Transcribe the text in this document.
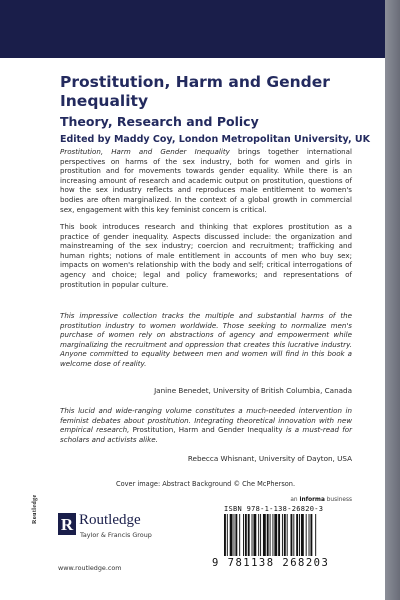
Prostitution, Harm and Gender Inequality
Theory, Research and Policy
Edited by Maddy Coy, London Metropolitan University, UK

Prostitution, Harm and Gender Inequality brings together international perspectives on harms of the sex industry, both for women and girls in prostitution and for movements towards gender equality. While there is an increasing amount of research and academic output on prostitution, questions of how the sex industry reflects and reproduces male entitlement to women's bodies are often marginalized. In the context of a global growth in commercial sex, engagement with this key feminist concern is critical.

This book introduces research and thinking that explores prostitution as a practice of gender inequality. Aspects discussed include: the organization and mainstreaming of the sex industry; coercion and recruitment; trafficking and human rights; notions of male entitlement in accounts of men who buy sex; impacts on women's relationship with the body and self; critical interrogations of agency and choice; legal and policy frameworks; and representations of prostitution in popular culture.

This impressive collection tracks the multiple and substantial harms of the prostitution industry to women worldwide. Those seeking to normalize men's purchase of women rely on abstractions of agency and empowerment while marginalizing the recruitment and oppression that creates this lucrative industry. Anyone committed to equality between men and women will find in this book a welcome dose of reality.

Janine Benedet, University of British Columbia, Canada

This lucid and wide-ranging volume constitutes a much-needed intervention in feminist debates about prostitution. Integrating theoretical innovation with new empirical research, Prostitution, Harm and Gender Inequality is a must-read for scholars and activists alike.

Rebecca Whisnant, University of Dayton, USA
Cover image: Abstract Background © Che McPherson.
an informa business
ISBN 978-1-138-26820-3
9 781138 268203
Routledge
R Routledge
Taylor & Francis Group
www.routledge.com
